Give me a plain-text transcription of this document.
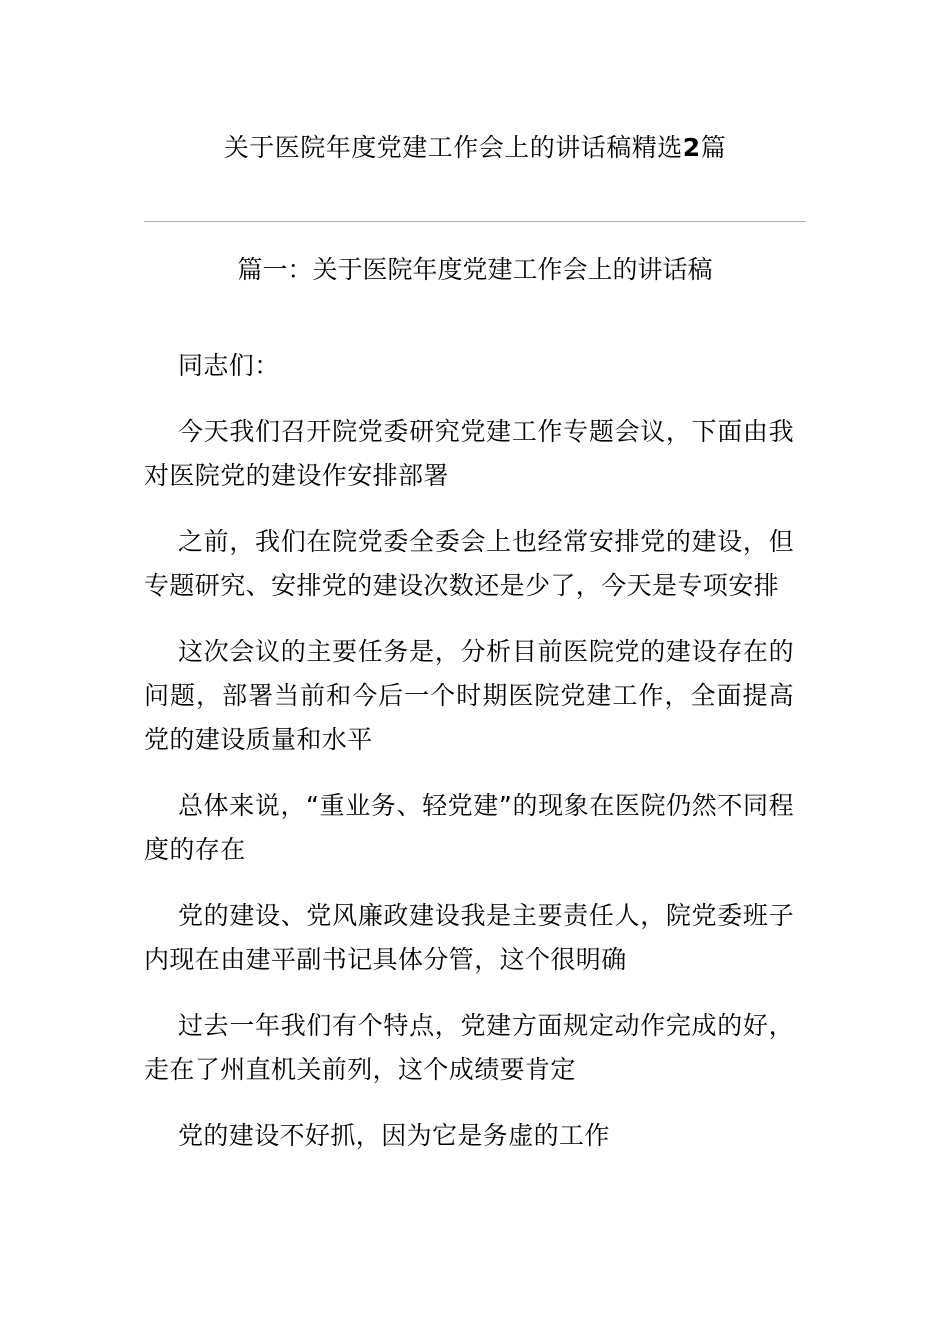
关于医院年度党建工作会上的讲话稿精选2篇
篇一：关于医院年度党建工作会上的讲话稿

同志们：

今天我们召开院党委研究党建工作专题会议，下面由我对医院党的建设作安排部署

之前，我们在院党委全委会上也经常安排党的建设，但专题研究、安排党的建设次数还是少了，今天是专项安排

这次会议的主要任务是，分析目前医院党的建设存在的问题，部署当前和今后一个时期医院党建工作，全面提高党的建设质量和水平

总体来说，“重业务、轻党建”的现象在医院仍然不同程度的存在

党的建设、党风廉政建设我是主要责任人，院党委班子内现在由建平副书记具体分管，这个很明确

过去一年我们有个特点，党建方面规定动作完成的好，走在了州直机关前列，这个成绩要肯定

党的建设不好抓，因为它是务虚的工作
